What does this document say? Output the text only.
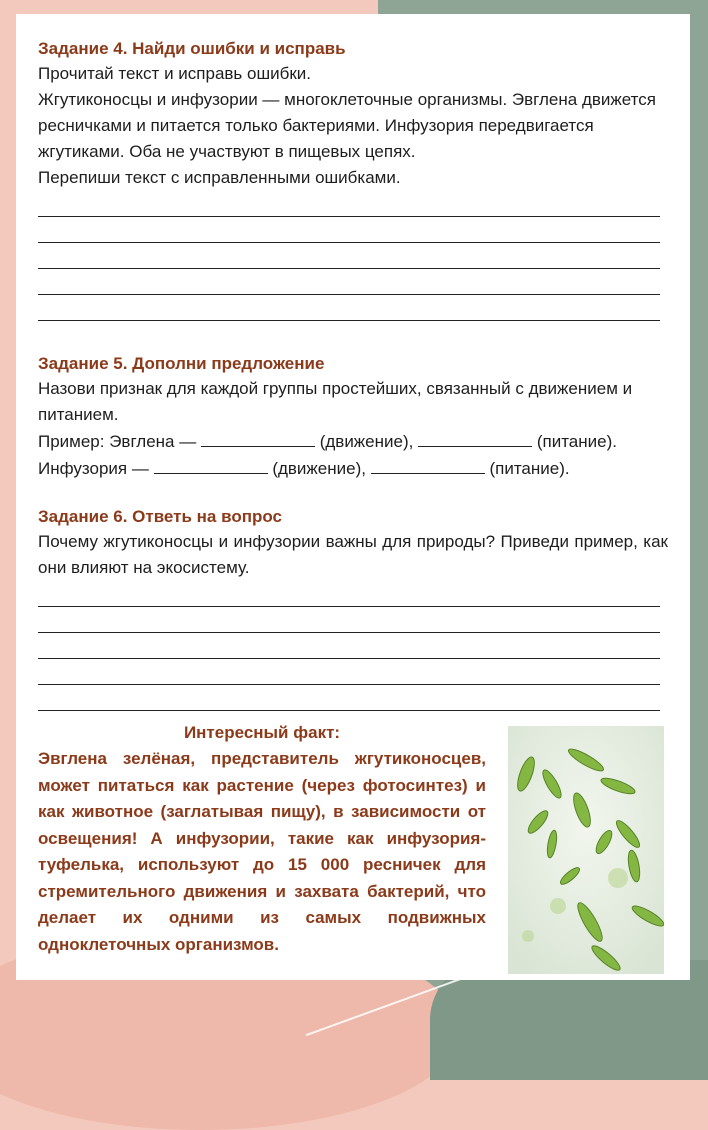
Задание 4. Найди ошибки и исправь

Прочитай текст и исправь ошибки.

Жгутиконосцы и инфузории — многоклеточные организмы. Эвглена движется ресничками и питается только бактериями. Инфузория передвигается жгутиками. Оба не участвуют в пищевых цепях.

Перепиши текст с исправленными ошибками.

Задание 5. Дополни предложение

Назови признак для каждой группы простейших, связанный с движением и питанием.

Пример: Эвглена —	(движение),	(питание).

Инфузория —	(движение),	(питание).

Задание 6. Ответь на вопрос

Почему жгутиконосцы и инфузории важны для природы? Приведи пример, как они влияют на экосистему.

Интересный факт:

Эвглена зелёная, представитель жгутиконосцев, может питаться как растение (через фотосинтез) и как животное (заглатывая пищу), в зависимости от освещения! А инфузории, такие как инфузория-туфелька, используют до 15 000 ресничек для стремительного движения и захвата бактерий, что делает их одними из самых подвижных одноклеточных организмов.
